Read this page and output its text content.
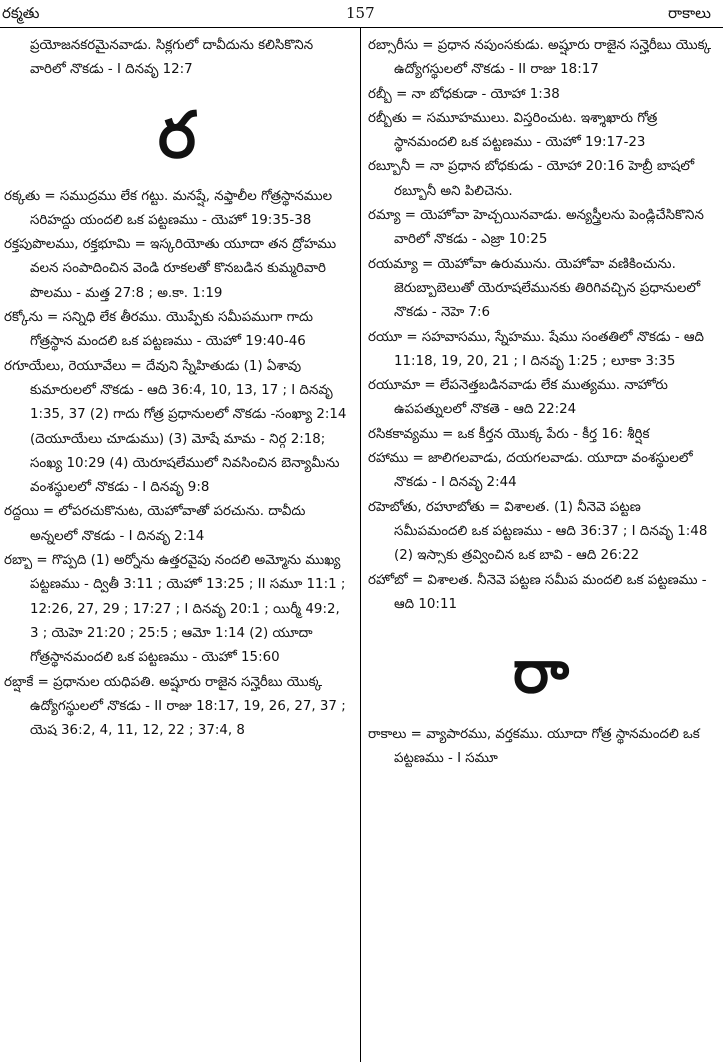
రక్మతు	157	రాకాలు

ప్రయోజనకరమైనవాడు. సిక్లగులో దావీదును కలిసికొనిన వారిలో నొకడు - I దినవృ 12:7

ర

రక్కతు = సముద్రము లేక గట్టు. మనష్షే, నఫ్తాలీల గోత్రస్థానముల సరిహద్దు యందలి ఒక పట్టణము - యెహో 19:35-38

రక్తపుపొలము, రక్తభూమి = ఇస్కరియోతు యూదా తన ద్రోహము వలన సంపాదించిన వెండి రూకలతో కొనబడిన కుమ్మరివారి పొలము - మత్త 27:8 ; అ.కా. 1:19

రక్కోను = సన్నిధి లేక తీరము. యొప్పేకు సమీపముగా గాదు గోత్రస్థాన మందలి ఒక పట్టణము - యెహో 19:40-46

రగూయేలు, రెయూవేలు = దేవుని స్నేహితుడు (1) ఏశావు కుమారులలో నొకడు - ఆది 36:4, 10, 13, 17 ; I దినవృ 1:35, 37 (2) గాదు గోత్ర ప్రధానులలో నొకడు -సంఖ్యా 2:14 (దెయూయేలు చూడుము) (3) మోషే మామ - నిర్గ 2:18; సంఖ్య 10:29 (4) యెరూషలేములో నివసించిన బెన్యామీను వంశస్థులలో నొకడు - I దినవృ 9:8

రద్దయి = లోపరచుకొనుట, యెహోవాతో పరచును. దావీదు అన్నలలో నొకడు - I దినవృ 2:14

రబ్బా = గొప్పది (1) అర్నోను ఉత్తరవైపు నందలి అమ్మోను ముఖ్య పట్టణము - ద్వితీ 3:11 ; యెహో 13:25 ; II సమూ 11:1 ; 12:26, 27, 29 ; 17:27 ; I దినవృ 20:1 ; యిర్మీ 49:2, 3 ; యెహె 21:20 ; 25:5 ; ఆమో 1:14 (2) యూదా గోత్రస్థానమందలి ఒక పట్టణము - యెహో 15:60

రబ్షాకే = ప్రధానుల యధిపతి. అష్షూరు రాజైన సన్హెరీబు యొక్క ఉద్యోగస్థులలో నొకడు - II రాజు 18:17, 19, 26, 27, 37 ; యెష 36:2, 4, 11, 12, 22 ; 37:4, 8

రబ్సారీసు = ప్రధాన నపుంసకుడు. అష్షూరు రాజైన సన్హెరీబు యొక్క ఉద్యోగస్థులలో నొకడు - II రాజు 18:17

రబ్బీ = నా బోధకుడా - యోహా 1:38

రబ్బీతు = సమూహములు. విస్తరించుట. ఇశ్శాఖారు గోత్ర స్థానమందలి ఒక పట్టణము - యెహో 19:17-23

రబ్బూనీ = నా ప్రధాన బోధకుడు - యోహా 20:16 హెబ్రీ బాషలో రబ్బూనీ అని పిలిచెను.

రమ్యా = యెహోవా హెచ్చయినవాడు. అన్యస్త్రీలను పెండ్లిచేసికొనిన వారిలో నొకడు - ఎజ్రా 10:25

రయమ్యా = యెహోవా ఉరుమును. యెహోవా వణికించును. జెరుబ్బాబెలుతో యెరూషలేమునకు తిరిగివచ్చిన ప్రధానులలో నొకడు - నెహె 7:6

రయూ = సహవాసము, స్నేహము. షేము సంతతిలో నొకడు - ఆది 11:18, 19, 20, 21 ; I దినవృ 1:25 ; లూకా 3:35

రయూమా = లేపనెత్తబడినవాడు లేక ముత్యము. నాహోరు ఉపపత్నులలో నొకతె - ఆది 22:24

రసికకావ్యము = ఒక కీర్తన యొక్క పేరు - కీర్త 16: శీర్షిక

రహాము = జాలిగలవాడు, దయగలవాడు. యూదా వంశస్థులలో నొకడు - I దినవృ 2:44

రహెబోతు, రహూబోతు = విశాలత. (1) నీనెవె పట్టణ సమీపమందలి ఒక పట్టణము - ఆది 36:37 ; I దినవృ 1:48 (2) ఇస్సాకు త్రవ్వించిన ఒక బావి - ఆది 26:22

రహోబో = విశాలత. నీనెవె పట్టణ సమీప మందలి ఒక పట్టణము - ఆది 10:11

రా

రాకాలు = వ్యాపారము, వర్తకము. యూదా గోత్ర స్థానమందలి ఒక పట్టణము - I సమూ
